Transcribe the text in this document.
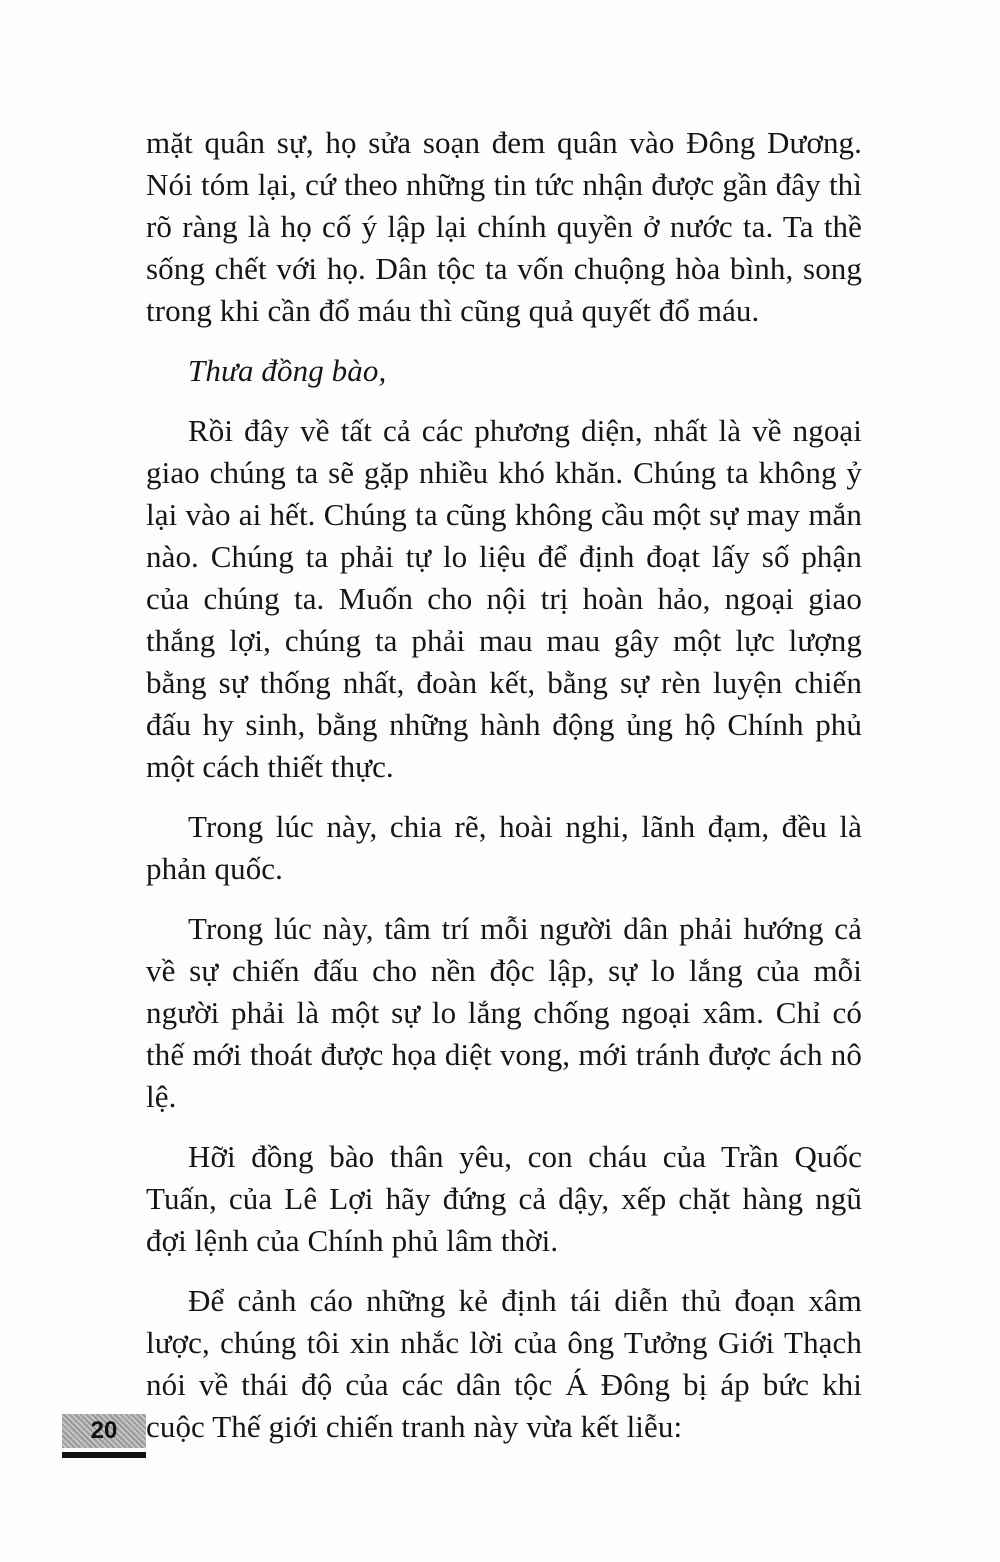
mặt quân sự, họ sửa soạn đem quân vào Đông Dương. Nói tóm lại, cứ theo những tin tức nhận được gần đây thì rõ ràng là họ cố ý lập lại chính quyền ở nước ta. Ta thề sống chết với họ. Dân tộc ta vốn chuộng hòa bình, song trong khi cần đổ máu thì cũng quả quyết đổ máu.

Thưa đồng bào,

Rồi đây về tất cả các phương diện, nhất là về ngoại giao chúng ta sẽ gặp nhiều khó khăn. Chúng ta không ỷ lại vào ai hết. Chúng ta cũng không cầu một sự may mắn nào. Chúng ta phải tự lo liệu để định đoạt lấy số phận của chúng ta. Muốn cho nội trị hoàn hảo, ngoại giao thắng lợi, chúng ta phải mau mau gây một lực lượng bằng sự thống nhất, đoàn kết, bằng sự rèn luyện chiến đấu hy sinh, bằng những hành động ủng hộ Chính phủ một cách thiết thực.

Trong lúc này, chia rẽ, hoài nghi, lãnh đạm, đều là phản quốc.

Trong lúc này, tâm trí mỗi người dân phải hướng cả về sự chiến đấu cho nền độc lập, sự lo lắng của mỗi người phải là một sự lo lắng chống ngoại xâm. Chỉ có thế mới thoát được họa diệt vong, mới tránh được ách nô lệ.

Hỡi đồng bào thân yêu, con cháu của Trần Quốc Tuấn, của Lê Lợi hãy đứng cả dậy, xếp chặt hàng ngũ đợi lệnh của Chính phủ lâm thời.

Để cảnh cáo những kẻ định tái diễn thủ đoạn xâm lược, chúng tôi xin nhắc lời của ông Tưởng Giới Thạch nói về thái độ của các dân tộc Á Đông bị áp bức khi cuộc Thế giới chiến tranh này vừa kết liễu:

20
